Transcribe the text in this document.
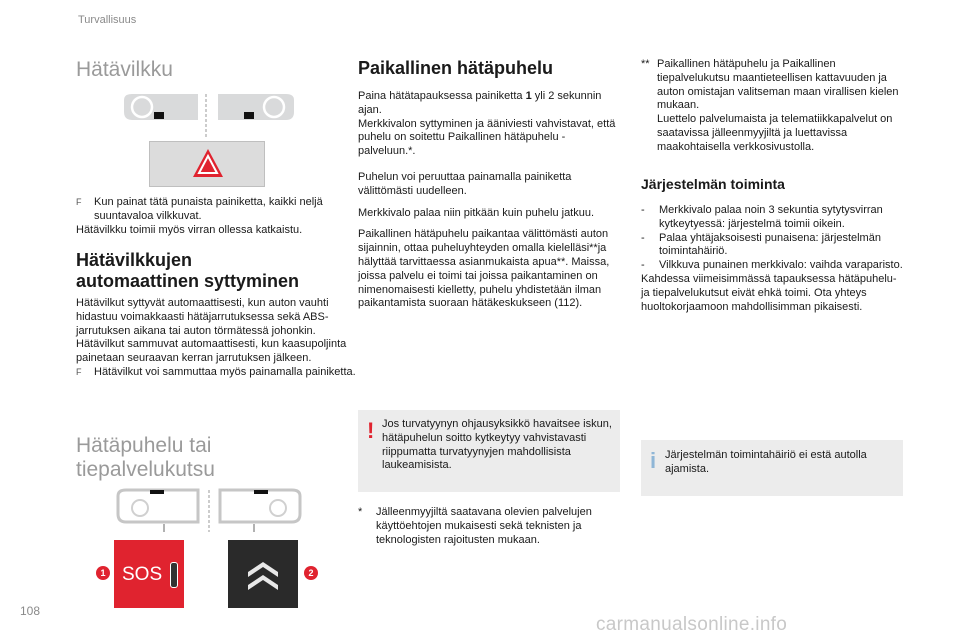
Turvallisuus
108
carmanualsonline.info
Hätävilkku

F Kun painat tätä punaista painiketta, kaikki neljä suuntavaloa vilkkuvat.

Hätävilkku toimii myös virran ollessa katkaistu.

Hätävilkkujen
automaattinen syttyminen

Hätävilkut syttyvät automaattisesti, kun auton vauhti hidastuu voimakkaasti hätäjarrutuksessa sekä ABS-jarrutuksen aikana tai auton törmätessä johonkin.

Hätävilkut sammuvat automaattisesti, kun kaasupoljinta painetaan seuraavan kerran jarrutuksen jälkeen.

F Hätävilkut voi sammuttaa myös painamalla painiketta.

Hätäpuhelu tai
tiepalvelukutsu
1 SOS	2
Paikallinen hätäpuhelu

Paina hätätapauksessa painiketta 1 yli 2 sekunnin ajan.

Merkkivalon syttyminen ja ääniviesti vahvistavat, että puhelu on soitettu Paikallinen hätäpuhelu -palveluun.*.

Puhelun voi peruuttaa painamalla painiketta välittömästi uudelleen.

Merkkivalo palaa niin pitkään kuin puhelu jatkuu.

Paikallinen hätäpuhelu paikantaa välittömästi auton sijainnin, ottaa puheluyhteyden omalla kielelläsi**ja hälyttää tarvittaessa asianmukaista apua**. Maissa, joissa palvelu ei toimi tai joissa paikantaminen on nimenomaisesti kielletty, puhelu yhdistetään ilman paikantamista suoraan hätäkeskukseen (112).

! Jos turvatyynyn ohjausyksikkö havaitsee iskun, hätäpuhelun soitto kytkeytyy vahvistavasti riippumatta turvatyynyjen mahdollisista laukeamisista.

* Jälleenmyyjiltä saatavana olevien palvelujen käyttöehtojen mukaisesti sekä teknisten ja teknologisten rajoitusten mukaan.

** Paikallinen hätäpuhelu ja Paikallinen tiepalvelukutsu maantieteellisen kattavuuden ja auton omistajan valitseman maan virallisen kielen mukaan.

Luettelo palvelumaista ja telematiikkapalvelut on saatavissa jälleenmyyjiltä ja luettavissa maakohtaisella verkkosivustolla.

Järjestelmän toiminta

- Merkkivalo palaa noin 3 sekuntia sytytysvirran kytkeytyessä: järjestelmä toimii oikein.

- Palaa yhtäjaksoisesti punaisena: järjestelmän toimintahäiriö.

- Vilkkuva punainen merkkivalo: vaihda varaparisto.

Kahdessa viimeisimmässä tapauksessa hätäpuhelu- ja tiepalvelukutsut eivät ehkä toimi. Ota yhteys huoltokorjaamoon mahdollisimman pikaisesti.

i Järjestelmän toimintahäiriö ei estä autolla ajamista.
